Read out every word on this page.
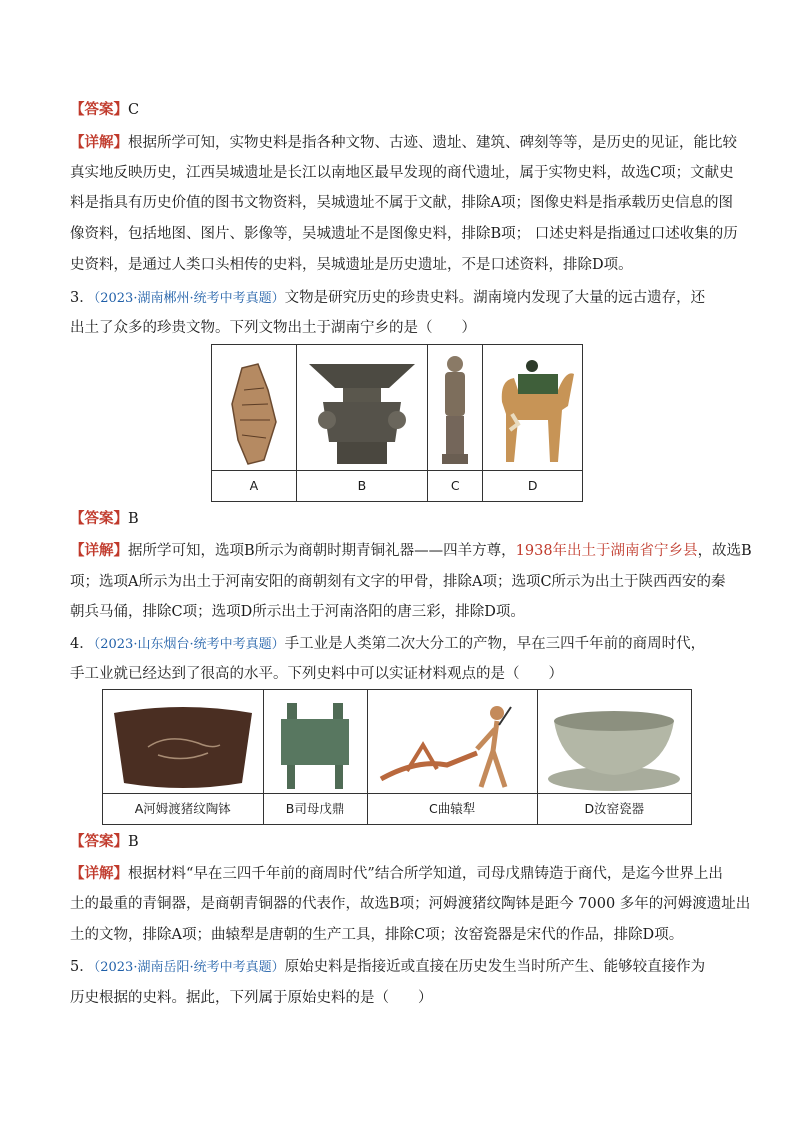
【答案】C
【详解】根据所学可知，实物史料是指各种文物、古迹、遗址、建筑、碑刻等等，是历史的见证，能比较
真实地反映历史，江西吴城遗址是长江以南地区最早发现的商代遗址，属于实物史料，故选C项；文献史
料是指具有历史价值的图书文物资料，吴城遗址不属于文献，排除A项；图像史料是指承载历史信息的图
像资料，包括地图、图片、影像等，吴城遗址不是图像史料，排除B项； 口述史料是指通过口述收集的历
史资料，是通过人类口头相传的史料，吴城遗址是历史遗址，不是口述资料，排除D项。
3．（2023·湖南郴州·统考中考真题）文物是研究历史的珍贵史料。湖南境内发现了大量的远古遗存，还
出土了众多的珍贵文物。下列文物出土于湖南宁乡的是（　　）

A	B	C	D
【答案】B
【详解】据所学可知，选项B所示为商朝时期青铜礼器——四羊方尊，1938年出土于湖南省宁乡县，故选B
项；选项A所示为出土于河南安阳的商朝刻有文字的甲骨，排除A项；选项C所示为出土于陕西西安的秦
朝兵马俑，排除C项；选项D所示出土于河南洛阳的唐三彩，排除D项。
4．（2023·山东烟台·统考中考真题）手工业是人类第二次大分工的产物，早在三四千年前的商周时代，
手工业就已经达到了很高的水平。下列史料中可以实证材料观点的是（　　）

A河姆渡猪纹陶钵	B司母戊鼎	C曲辕犁	D汝窑瓷器
【答案】B
【详解】根据材料“早在三四千年前的商周时代”结合所学知道，司母戊鼎铸造于商代，是迄今世界上出
土的最重的青铜器，是商朝青铜器的代表作，故选B项；河姆渡猪纹陶钵是距今 7000 多年的河姆渡遗址出
土的文物，排除A项；曲辕犁是唐朝的生产工具，排除C项；汝窑瓷器是宋代的作品，排除D项。
5．（2023·湖南岳阳·统考中考真题）原始史料是指接近或直接在历史发生当时所产生、能够较直接作为
历史根据的史料。据此，下列属于原始史料的是（　　）
